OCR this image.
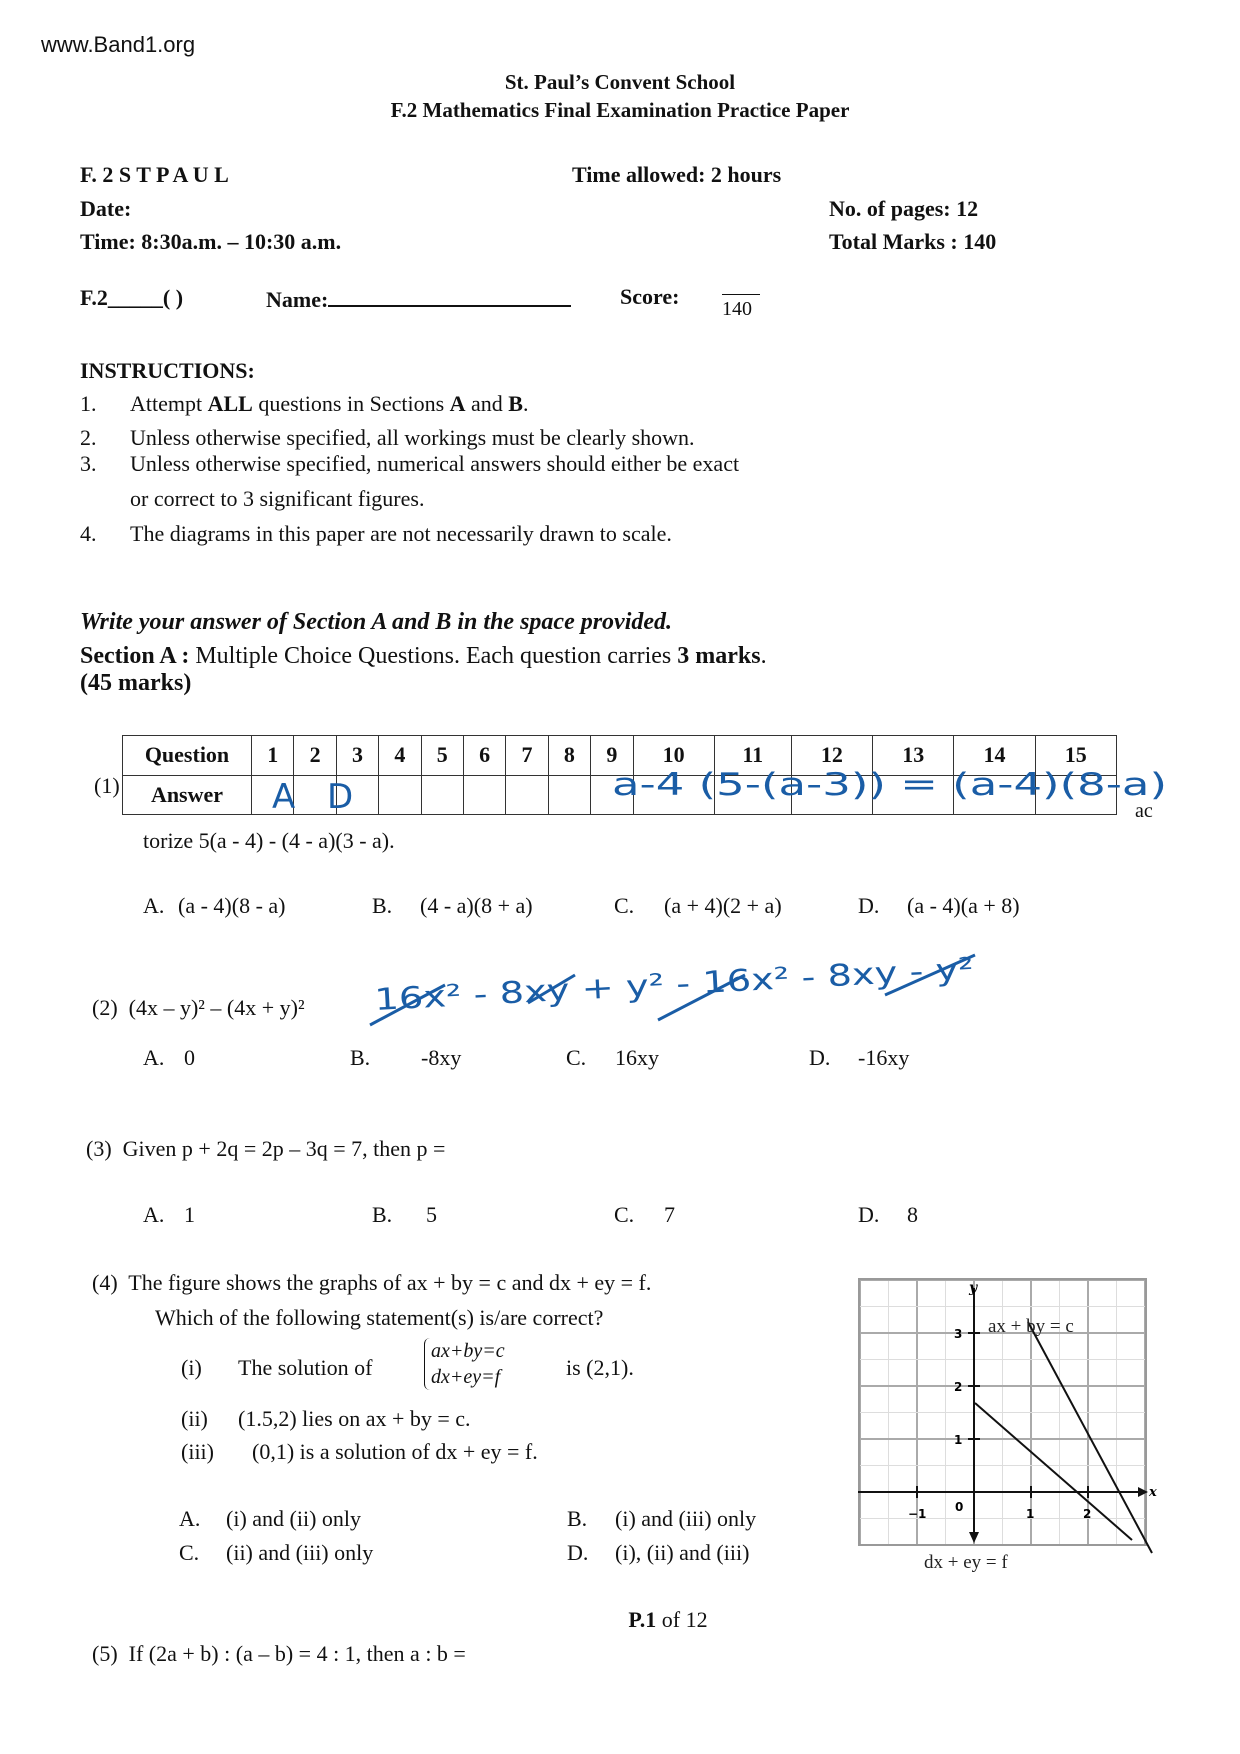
www.Band1.org
St. Paul’s Convent School
F.2 Mathematics Final Examination Practice Paper
F. 2 S T P A U L	Time allowed: 2 hours
Date:	No. of pages: 12
Time: 8:30a.m. – 10:30 a.m.	Total Marks : 140
F.2_____( )	Name:	Score: 140
INSTRUCTIONS:
1. Attempt ALL questions in Sections A and B.
2. Unless otherwise specified, all workings must be clearly shown.
3. Unless otherwise specified, numerical answers should either be exact
or correct to 3 significant figures.
4. The diagrams in this paper are not necessarily drawn to scale.
Write your answer of Section A and B in the space provided.
Section A : Multiple Choice Questions. Each question carries 3 marks.
(45 marks)
Question	1	2	3	4	5	6	7	8	9	10	11	12	13	14	15
Answer															
(1)
ac
torize 5(a - 4) - (4 - a)(3 - a).
A. (a - 4)(8 - a)	B. (4 - a)(8 + a)	C. (a + 4)(2 + a)	D. (a - 4)(a + 8)
A. 0	B. -8xy	C. 16xy	D. -16xy
A. 1	B. 5	C. 7	D. 8
A. (i) and (ii) only	B. (i) and (iii) only
C. (ii) and (iii) only	D. (i), (ii) and (iii)
(2) (4x – y)² – (4x + y)²
(3) Given p + 2q = 2p – 3q = 7, then p =
(4) The figure shows the graphs of ax + by = c and dx + ey = f.
Which of the following statement(s) is/are correct?
(i) The solution of
ax+by=c
dx+ey=f	is (2,1).
(ii) (1.5,2) lies on ax + by = c.
(iii) (0,1) is a solution of dx + ey = f.
x
y
−1 0	1	2
1
2
3 ax + by = c
dx + ey = f
P.1 of 12
(5) If (2a + b) : (a – b) = 4 : 1, then a : b =
A D	a-4 (5-(a-3)) = (a-4)(8-a)
16x² - 8xy + y² - 16x² - 8xy - y²
